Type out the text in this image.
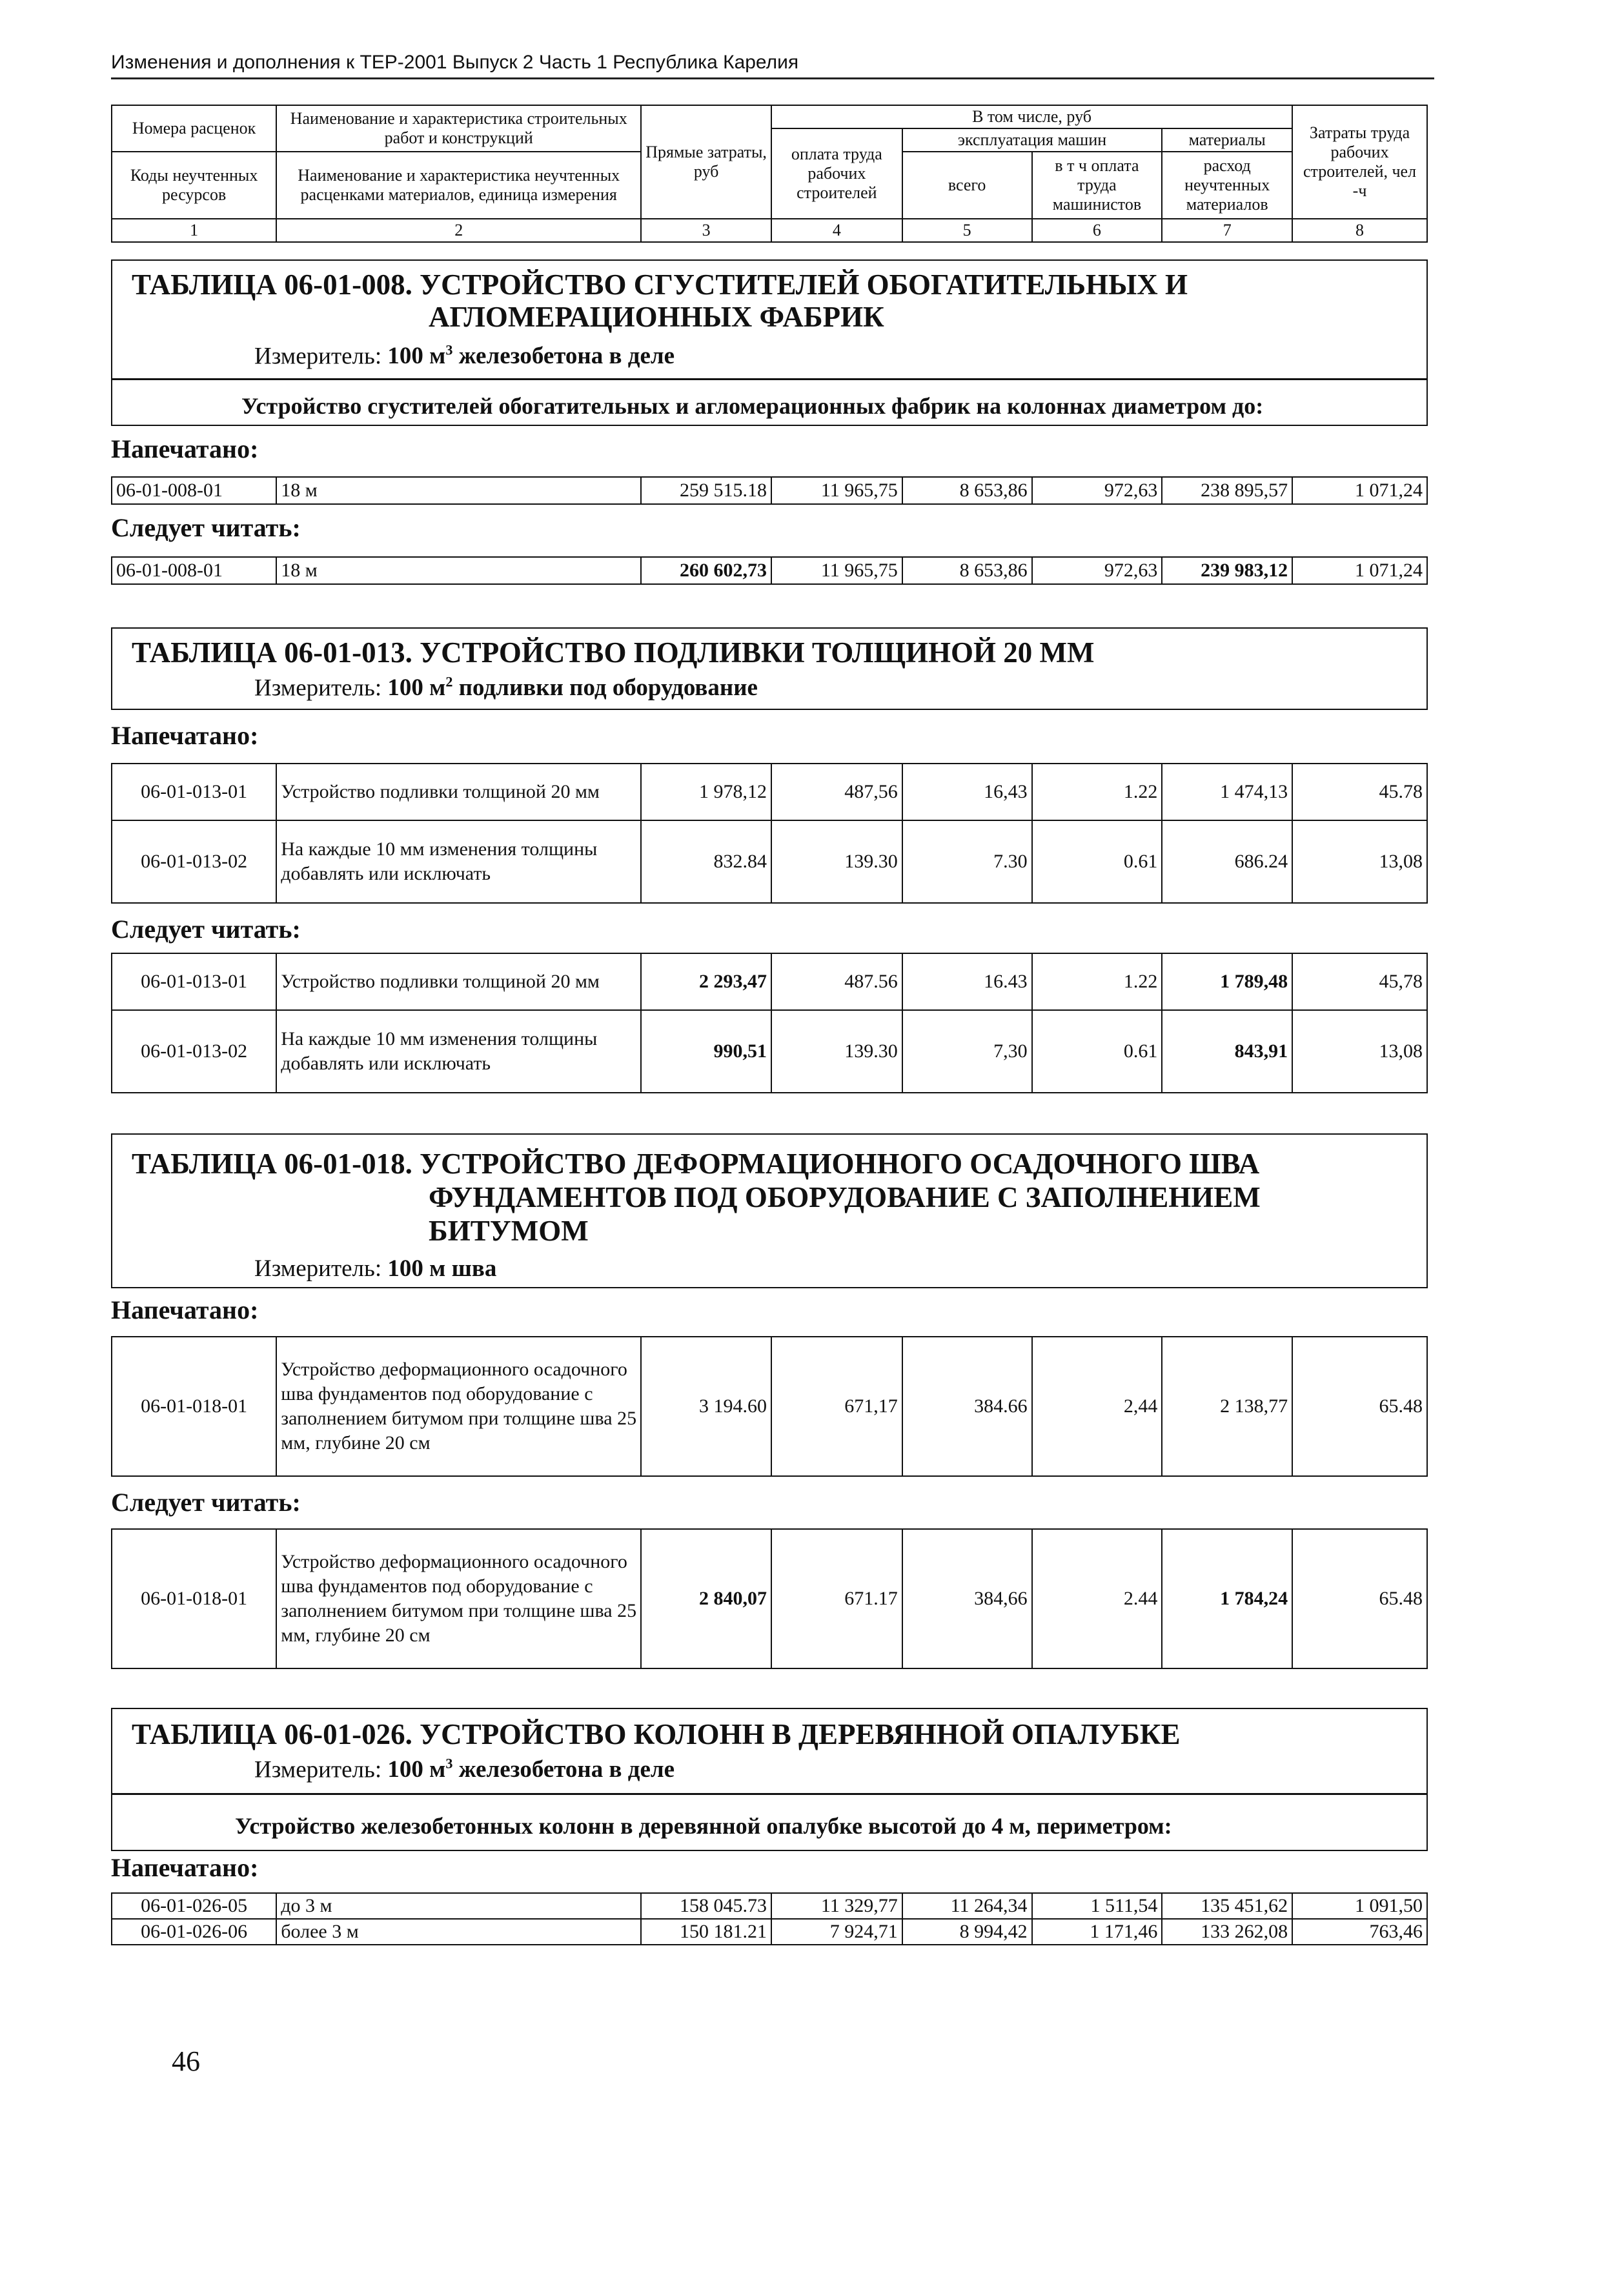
Изменения и дополнения к ТЕР-2001 Выпуск 2 Часть 1 Республика Карелия
Номера расценок	Наименование и характеристика строительных работ и конструкций	Прямые затраты, руб	В том числе, руб				Затраты труда рабочих строителей, чел -ч
			оплата труда рабочих строителей	эксплуатация машин		материалы	
Коды неучтенных ресурсов	Наименование и характеристика неучтенных расценками материалов, единица измерения			всего	в т ч оплата труда машинистов	расход неучтенных материалов	

1	2	3	4	5	6	7	8
ТАБЛИЦА 06-01-008. УСТРОЙСТВО СГУСТИТЕЛЕЙ ОБОГАТИТЕЛЬНЫХ И
АГЛОМЕРАЦИОННЫХ ФАБРИК
Измеритель: 100 $м^3$ железобетона в деле
Устройство сгустителей обогатительных и агломерационных фабрик на колоннах диаметром до:
Напечатано:
06-01-008-01	18 м	259 515.18	11 965,75	8 653,86	972,63	238 895,57	1 071,24
Следует читать:
06-01-008-01	18 м	260 602,73	11 965,75	8 653,86	972,63	239 983,12	1 071,24
ТАБЛИЦА 06-01-013. УСТРОЙСТВО ПОДЛИВКИ ТОЛЩИНОЙ 20 ММ
Измеритель: 100 $м^2$ подливки под оборудование
Напечатано:
06-01-013-01	Устройство подливки толщиной 20 мм	1 978,12	487,56	16,43	1.22	1 474,13	45.78
06-01-013-02	На каждые 10 мм изменения толщины добавлять или исключать	832.84	139.30	7.30	0.61	686.24	13,08
Следует читать:
06-01-013-01	Устройство подливки толщиной 20 мм	2 293,47	487.56	16.43	1.22	1 789,48	45,78
06-01-013-02	На каждые 10 мм изменения толщины добавлять или исключать	990,51	139.30	7,30	0.61	843,91	13,08
ТАБЛИЦА 06-01-018. УСТРОЙСТВО ДЕФОРМАЦИОННОГО ОСАДОЧНОГО ШВА
ФУНДАМЕНТОВ ПОД ОБОРУДОВАНИЕ С ЗАПОЛНЕНИЕМ
БИТУМОМ
Измеритель: 100 м шва
Напечатано:
06-01-018-01	Устройство деформационного осадочного шва фундаментов под оборудование с заполнением битумом при толщине шва 25 мм, глубине 20 см	3 194.60	671,17	384.66	2,44	2 138,77	65.48
Следует читать:
06-01-018-01	Устройство деформационного осадочного шва фундаментов под оборудование с заполнением битумом при толщине шва 25 мм, глубине 20 см	2 840,07	671.17	384,66	2.44	1 784,24	65.48
ТАБЛИЦА 06-01-026. УСТРОЙСТВО КОЛОНН В ДЕРЕВЯННОЙ ОПАЛУБКЕ
Измеритель: 100 $м^3$ железобетона в деле
Устройство железобетонных колонн в деревянной опалубке высотой до 4 м, периметром:
Напечатано:
06-01-026-05	до 3 м	158 045.73	11 329,77	11 264,34	1 511,54	135 451,62	1 091,50
06-01-026-06	более 3 м	150 181.21	7 924,71	8 994,42	1 171,46	133 262,08	763,46
46
